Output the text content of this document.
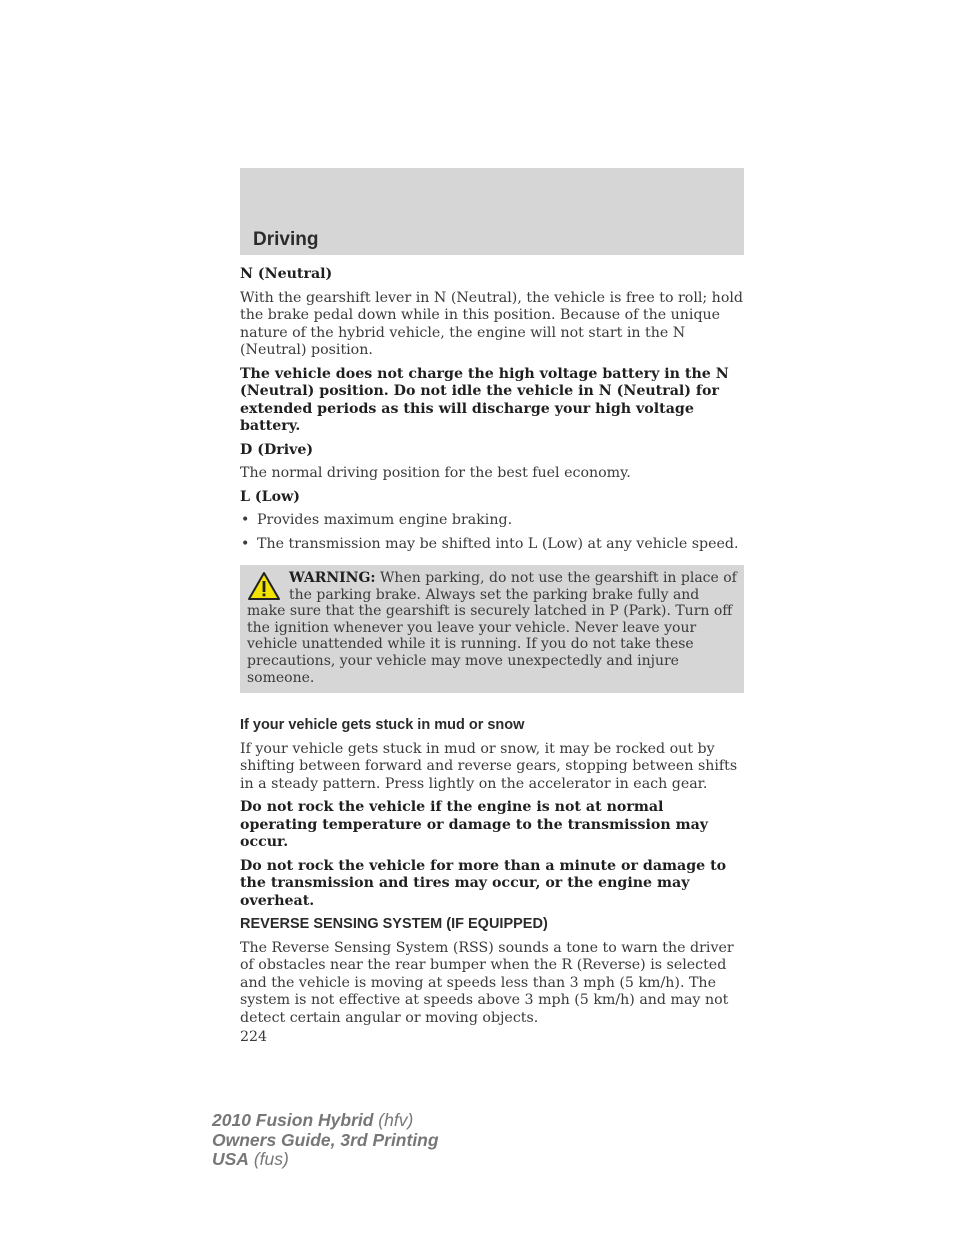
Driving

N (Neutral)

With the gearshift lever in N (Neutral), the vehicle is free to roll; hold the brake pedal down while in this position. Because of the unique nature of the hybrid vehicle, the engine will not start in the N (Neutral) position.

The vehicle does not charge the high voltage battery in the N (Neutral) position. Do not idle the vehicle in N (Neutral) for extended periods as this will discharge your high voltage battery.

D (Drive)

The normal driving position for the best fuel economy.

L (Low)

• Provides maximum engine braking.
• The transmission may be shifted into L (Low) at any vehicle speed.
WARNING: When parking, do not use the gearshift in place of the parking brake. Always set the parking brake fully and make sure that the gearshift is securely latched in P (Park). Turn off the ignition whenever you leave your vehicle. Never leave your vehicle unattended while it is running. If you do not take these precautions, your vehicle may move unexpectedly and injure someone.

If your vehicle gets stuck in mud or snow

If your vehicle gets stuck in mud or snow, it may be rocked out by shifting between forward and reverse gears, stopping between shifts in a steady pattern. Press lightly on the accelerator in each gear.

Do not rock the vehicle if the engine is not at normal operating temperature or damage to the transmission may occur.

Do not rock the vehicle for more than a minute or damage to the transmission and tires may occur, or the engine may overheat.

REVERSE SENSING SYSTEM (IF EQUIPPED)

The Reverse Sensing System (RSS) sounds a tone to warn the driver of obstacles near the rear bumper when the R (Reverse) is selected and the vehicle is moving at speeds less than 3 mph (5 km/h). The system is not effective at speeds above 3 mph (5 km/h) and may not detect certain angular or moving objects.

224
2010 Fusion Hybrid (hfv)
Owners Guide, 3rd Printing
USA (fus)
